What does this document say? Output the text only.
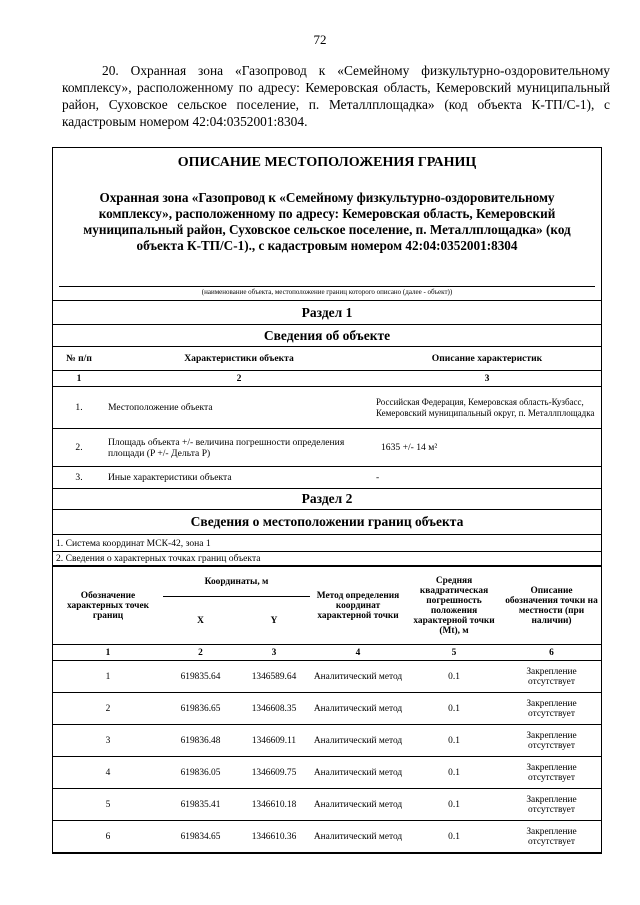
72

20. Охранная зона «Газопровод к «Семейному физкультурно-оздоровительному комплексу», расположенному по адресу: Кемеровская область, Кемеровский муниципальный район, Суховское сельское поселение, п. Металлплощадка» (код объекта К-ТП/С-1), с кадастровым номером 42:04:0352001:8304.

ОПИСАНИЕ МЕСТОПОЛОЖЕНИЯ ГРАНИЦ
Охранная зона «Газопровод к «Семейному физкультурно-оздоровительному комплексу», расположенному по адресу: Кемеровская область, Кемеровский муниципальный район, Суховское сельское поселение, п. Металлплощадка» (код объекта К-ТП/С-1)., с кадастровым номером 42:04:0352001:8304
(наименование объекта, местоположение границ которого описано (далее - объект))
Раздел 1		
Сведения об объекте		
№ п/п	Характеристики объекта	Описание характеристик
1	2	3
1.	Местоположение объекта	Российская Федерация, Кемеровская область-Кузбасс, Кемеровский муниципальный округ, п. Металлплощадка
2.	Площадь объекта +/- величина погрешности определения площади (P +/- Дельта P)	1635 +/- 14 м²
3.	Иные характеристики объекта	-
Раздел 2		
Сведения о местоположении границ объекта		
1. Система координат МСК-42, зона 1		
2. Сведения о характерных точках границ объекта		
Обозначение характерных точек границ	Координаты, м		Метод определения координат характерной точки	Средняя квадратическая погрешность положения характерной точки (Mt), м	Описание обозначения точки на местности (при наличии)
	X	Y			
1	2	3	4	5	6
1	619835.64	1346589.64	Аналитический метод	0.1	Закрепление отсутствует
2	619836.65	1346608.35	Аналитический метод	0.1	Закрепление отсутствует
3	619836.48	1346609.11	Аналитический метод	0.1	Закрепление отсутствует
4	619836.05	1346609.75	Аналитический метод	0.1	Закрепление отсутствует
5	619835.41	1346610.18	Аналитический метод	0.1	Закрепление отсутствует
6	619834.65	1346610.36	Аналитический метод	0.1	Закрепление отсутствует
